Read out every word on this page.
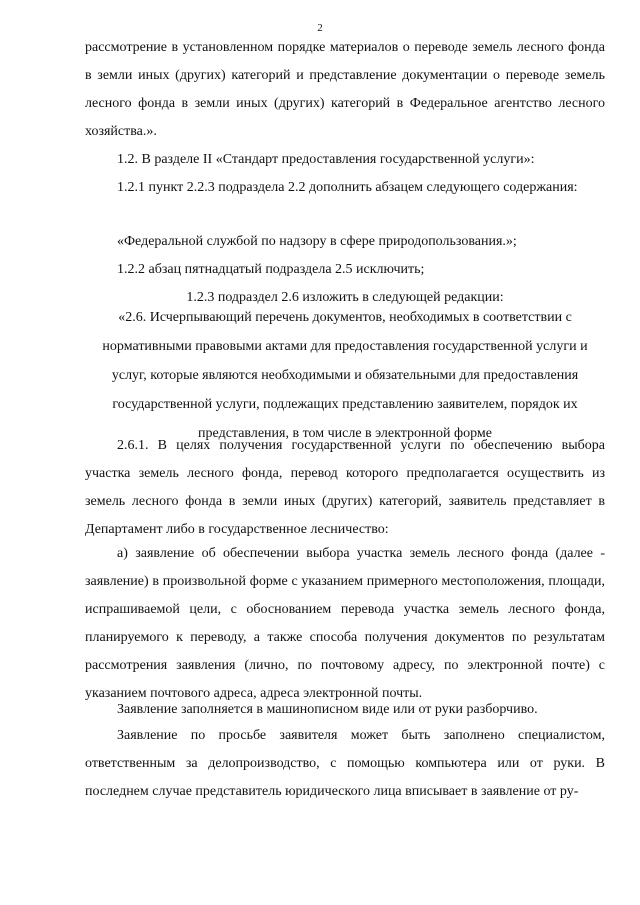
2

рассмотрение в установленном порядке материалов о переводе земель лесного фонда в земли иных (других) категорий и представление документации о переводе земель лесного фонда в земли иных (других) категорий в Федеральное агентство лесного хозяйства.».

1.2. В разделе II «Стандарт предоставления государственной услуги»:

1.2.1 пункт 2.2.3 подраздела 2.2 дополнить абзацем следующего содержания:

«Федеральной службой по надзору в сфере природопользования.»;

1.2.2 абзац пятнадцатый подраздела 2.5 исключить;

1.2.3 подраздел 2.6 изложить в следующей редакции:

«2.6. Исчерпывающий перечень документов, необходимых в соответствии с нормативными правовыми актами для предоставления государственной услуги и услуг, которые являются необходимыми и обязательными для предоставления государственной услуги, подлежащих представлению заявителем, порядок их представления, в том числе в электронной форме

2.6.1. В целях получения государственной услуги по обеспечению выбора участка земель лесного фонда, перевод которого предполагается осуществить из земель лесного фонда в земли иных (других) категорий, заявитель представляет в Департамент либо в государственное лесничество:

а) заявление об обеспечении выбора участка земель лесного фонда (далее - заявление) в произвольной форме с указанием примерного местоположения, площади, испрашиваемой цели, с обоснованием перевода участка земель лесного фонда, планируемого к переводу, а также способа получения документов по результатам рассмотрения заявления (лично, по почтовому адресу, по электронной почте) с указанием почтового адреса, адреса электронной почты.

Заявление заполняется в машинописном виде или от руки разборчиво.

Заявление по просьбе заявителя может быть заполнено специалистом, ответственным за делопроизводство, с помощью компьютера или от руки. В последнем случае представитель юридического лица вписывает в заявление от ру-
